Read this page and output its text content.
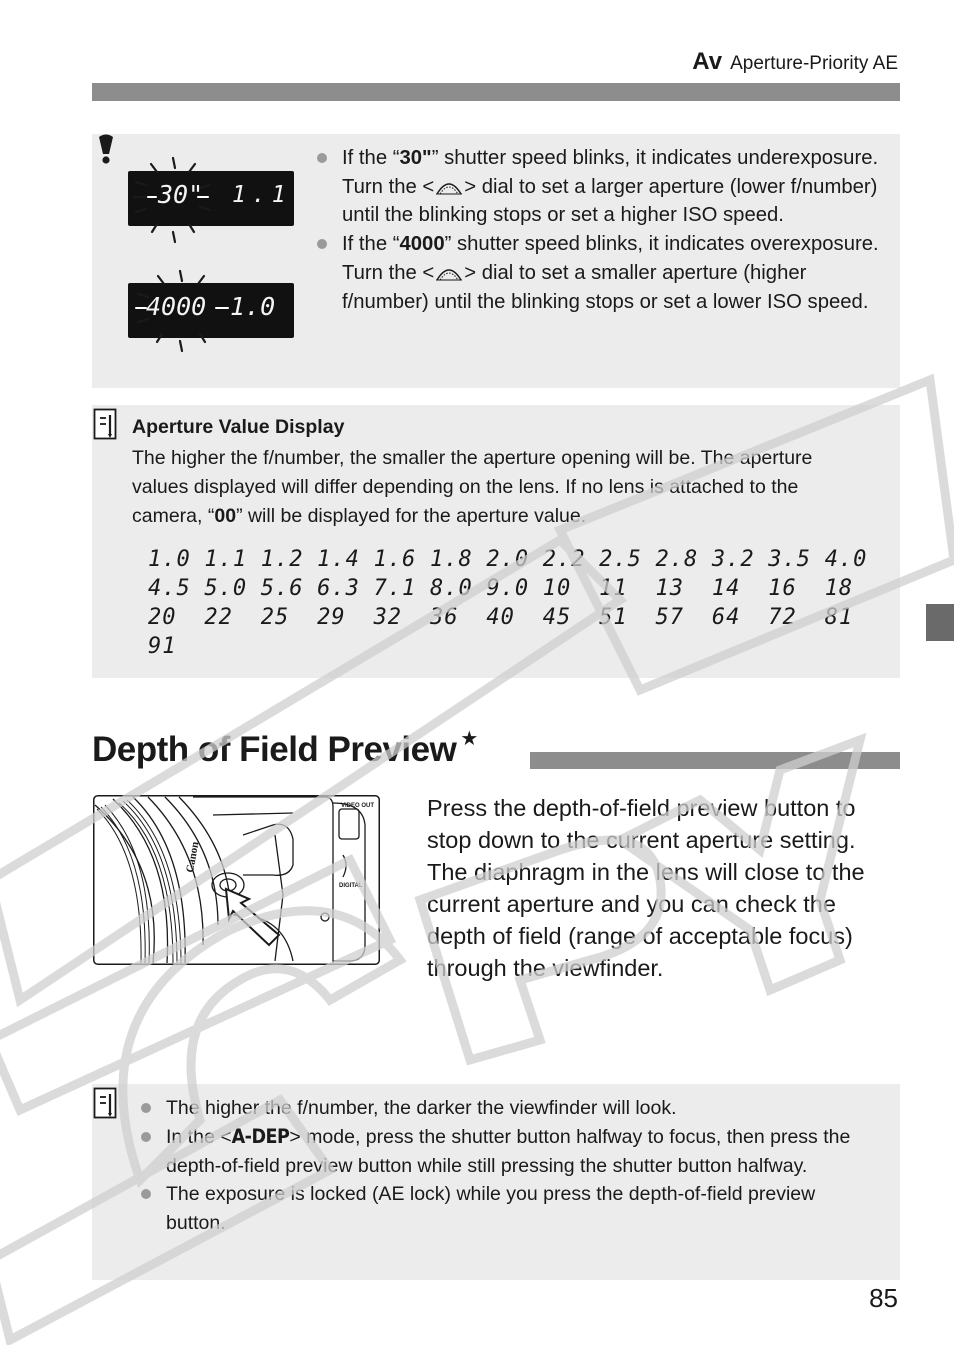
Av Aperture-Priority AE
30" 1.1
4000 1.0
If the “30"” shutter speed blinks, it indicates underexposure. Turn the < > dial to set a larger aperture (lower f/number) until the blinking stops or set a higher ISO speed.
If the “4000” shutter speed blinks, it indicates overexposure. Turn the < > dial to set a smaller aperture (higher f/number) until the blinking stops or set a lower ISO speed.
Aperture Value Display
The higher the f/number, the smaller the aperture opening will be. The aperture values displayed will differ depending on the lens. If no lens is attached to the camera, “00” will be displayed for the aperture value.
1.0 1.1 1.2 1.4 1.6 1.8 2.0 2.2 2.5 2.8 3.2 3.5 4.0
4.5 5.0 5.6 6.3 7.1 8.0 9.0 10	11	13	14	16	18
20	22	25	29	32	36	40	45	51	57	64	72	81
91
Depth of Field Preview ★
Canon
VIDEO OUT
DIGITAL
Press the depth-of-field preview button to stop down to the current aperture setting. The diaphragm in the lens will close to the current aperture and you can check the depth of field (range of acceptable focus) through the viewfinder.
The higher the f/number, the darker the viewfinder will look.
In the <A-DEP> mode, press the shutter button halfway to focus, then press the depth-of-field preview button while still pressing the shutter button halfway.
The exposure is locked (AE lock) while you press the depth-of-field preview button.
85
